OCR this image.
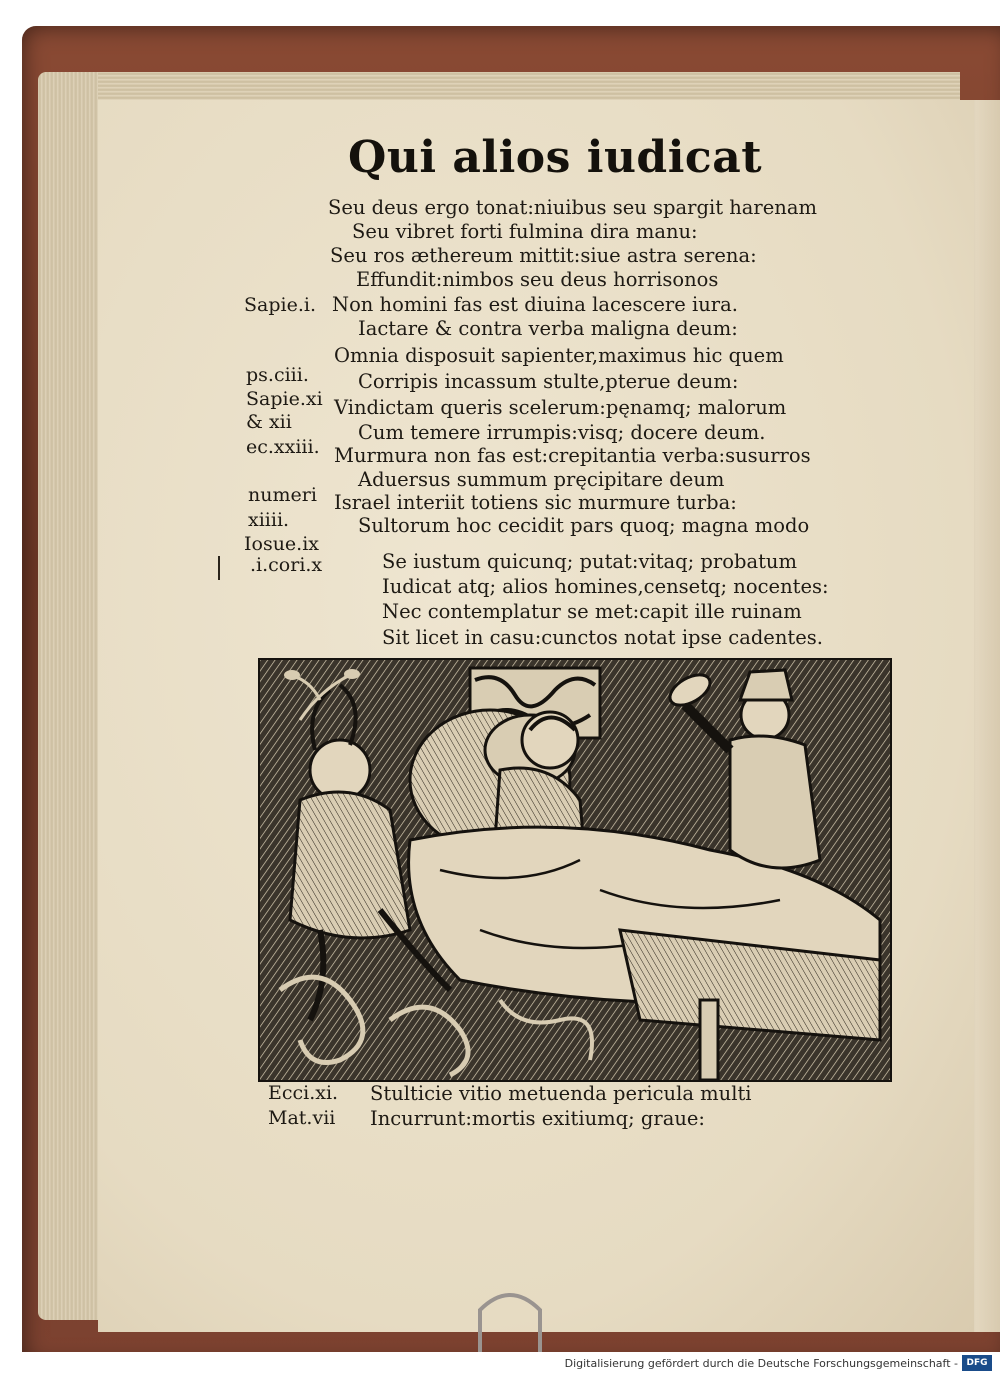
Qui alios iudicat
Seu deus ergo tonat:niuibus seu spargit harenam
Seu vibret forti fulmina dira manu:
Seu ros æthereum mittit:siue astra serena:
Effundit:nimbos seu deus horrisonos
Non homini fas est diuina lacescere iura.
Iactare & contra verba maligna deum:
Omnia disposuit sapienter,maximus hic quem
Corripis incassum stulte,pterue deum:
Vindictam queris scelerum:pęnamq; malorum
Cum temere irrumpis:visq; docere deum.
Murmura non fas est:crepitantia verba:susurros
Aduersus summum pręcipitare deum
Israel interiit totiens sic murmure turba:
Sultorum hoc cecidit pars quoq; magna modo
Se iustum quicunq; putat:vitaq; probatum
Iudicat atq; alios homines,censetq; nocentes:
Nec contemplatur se met:capit ille ruinam
Sit licet in casu:cunctos notat ipse cadentes.
Sapie.i.
ps.ciii.
Sapie.xi
& xii
ec.xxiii.
numeri
xiiii.
Iosue.ix
.i.cori.x
Ecci.xi. Stulticie vitio metuenda pericula multi
Mat.vii Incurrunt:mortis exitiumq; graue:
Digitalisierung gefördert durch die Deutsche Forschungsgemeinschaft - DFG
